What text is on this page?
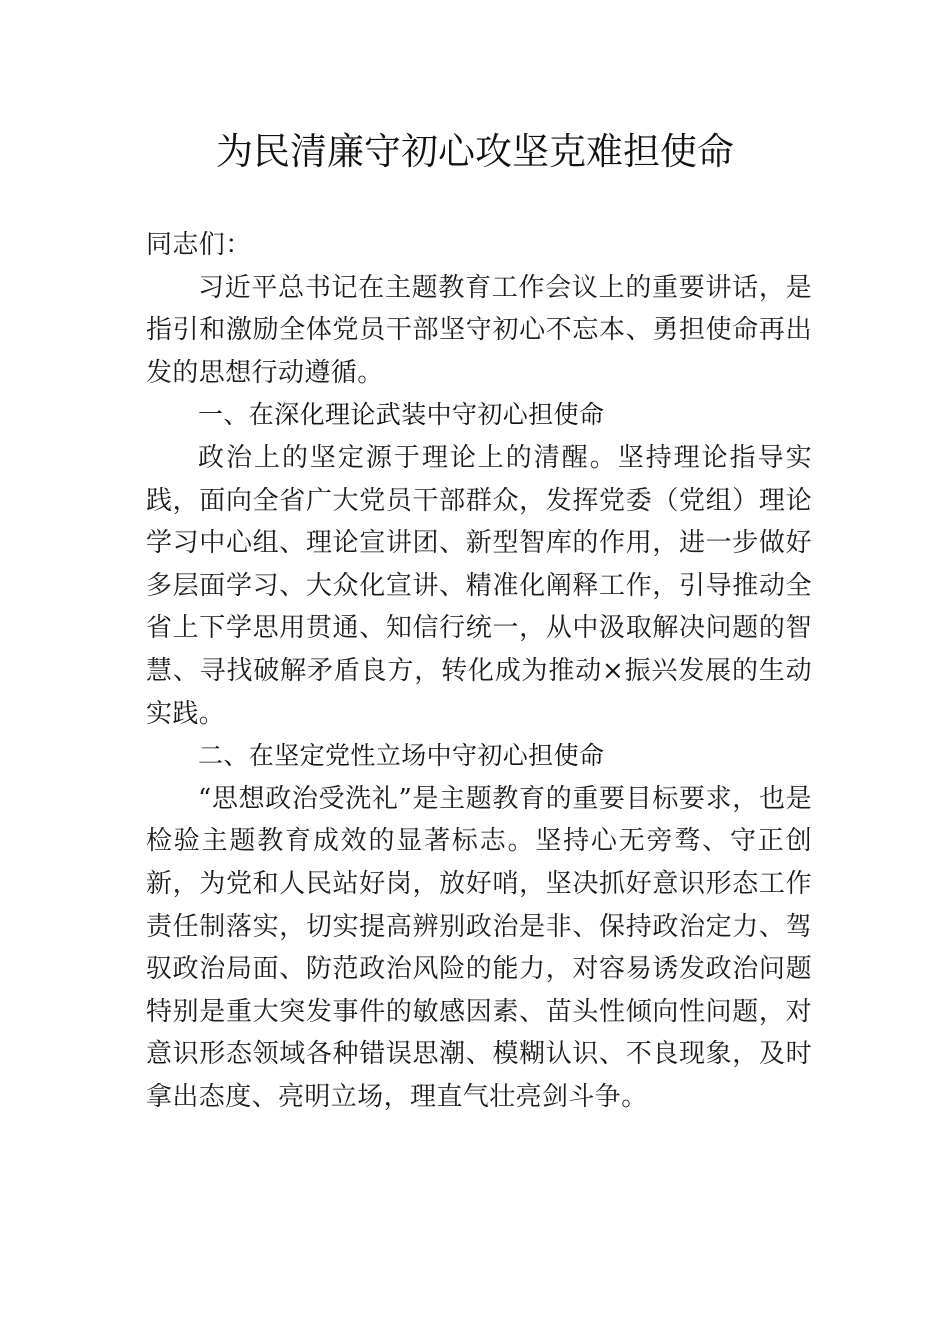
为民清廉守初心攻坚克难担使命

同志们：

习近平总书记在主题教育工作会议上的重要讲话，是指引和激励全体党员干部坚守初心不忘本、勇担使命再出发的思想行动遵循。

一、在深化理论武装中守初心担使命

政治上的坚定源于理论上的清醒。坚持理论指导实践，面向全省广大党员干部群众，发挥党委（党组）理论学习中心组、理论宣讲团、新型智库的作用，进一步做好多层面学习、大众化宣讲、精准化阐释工作，引导推动全省上下学思用贯通、知信行统一，从中汲取解决问题的智慧、寻找破解矛盾良方，转化成为推动×振兴发展的生动实践。

二、在坚定党性立场中守初心担使命

“思想政治受洗礼”是主题教育的重要目标要求，也是检验主题教育成效的显著标志。坚持心无旁骛、守正创新，为党和人民站好岗，放好哨，坚决抓好意识形态工作责任制落实，切实提高辨别政治是非、保持政治定力、驾驭政治局面、防范政治风险的能力，对容易诱发政治问题特别是重大突发事件的敏感因素、苗头性倾向性问题，对意识形态领域各种错误思潮、模糊认识、不良现象，及时拿出态度、亮明立场，理直气壮亮剑斗争。
